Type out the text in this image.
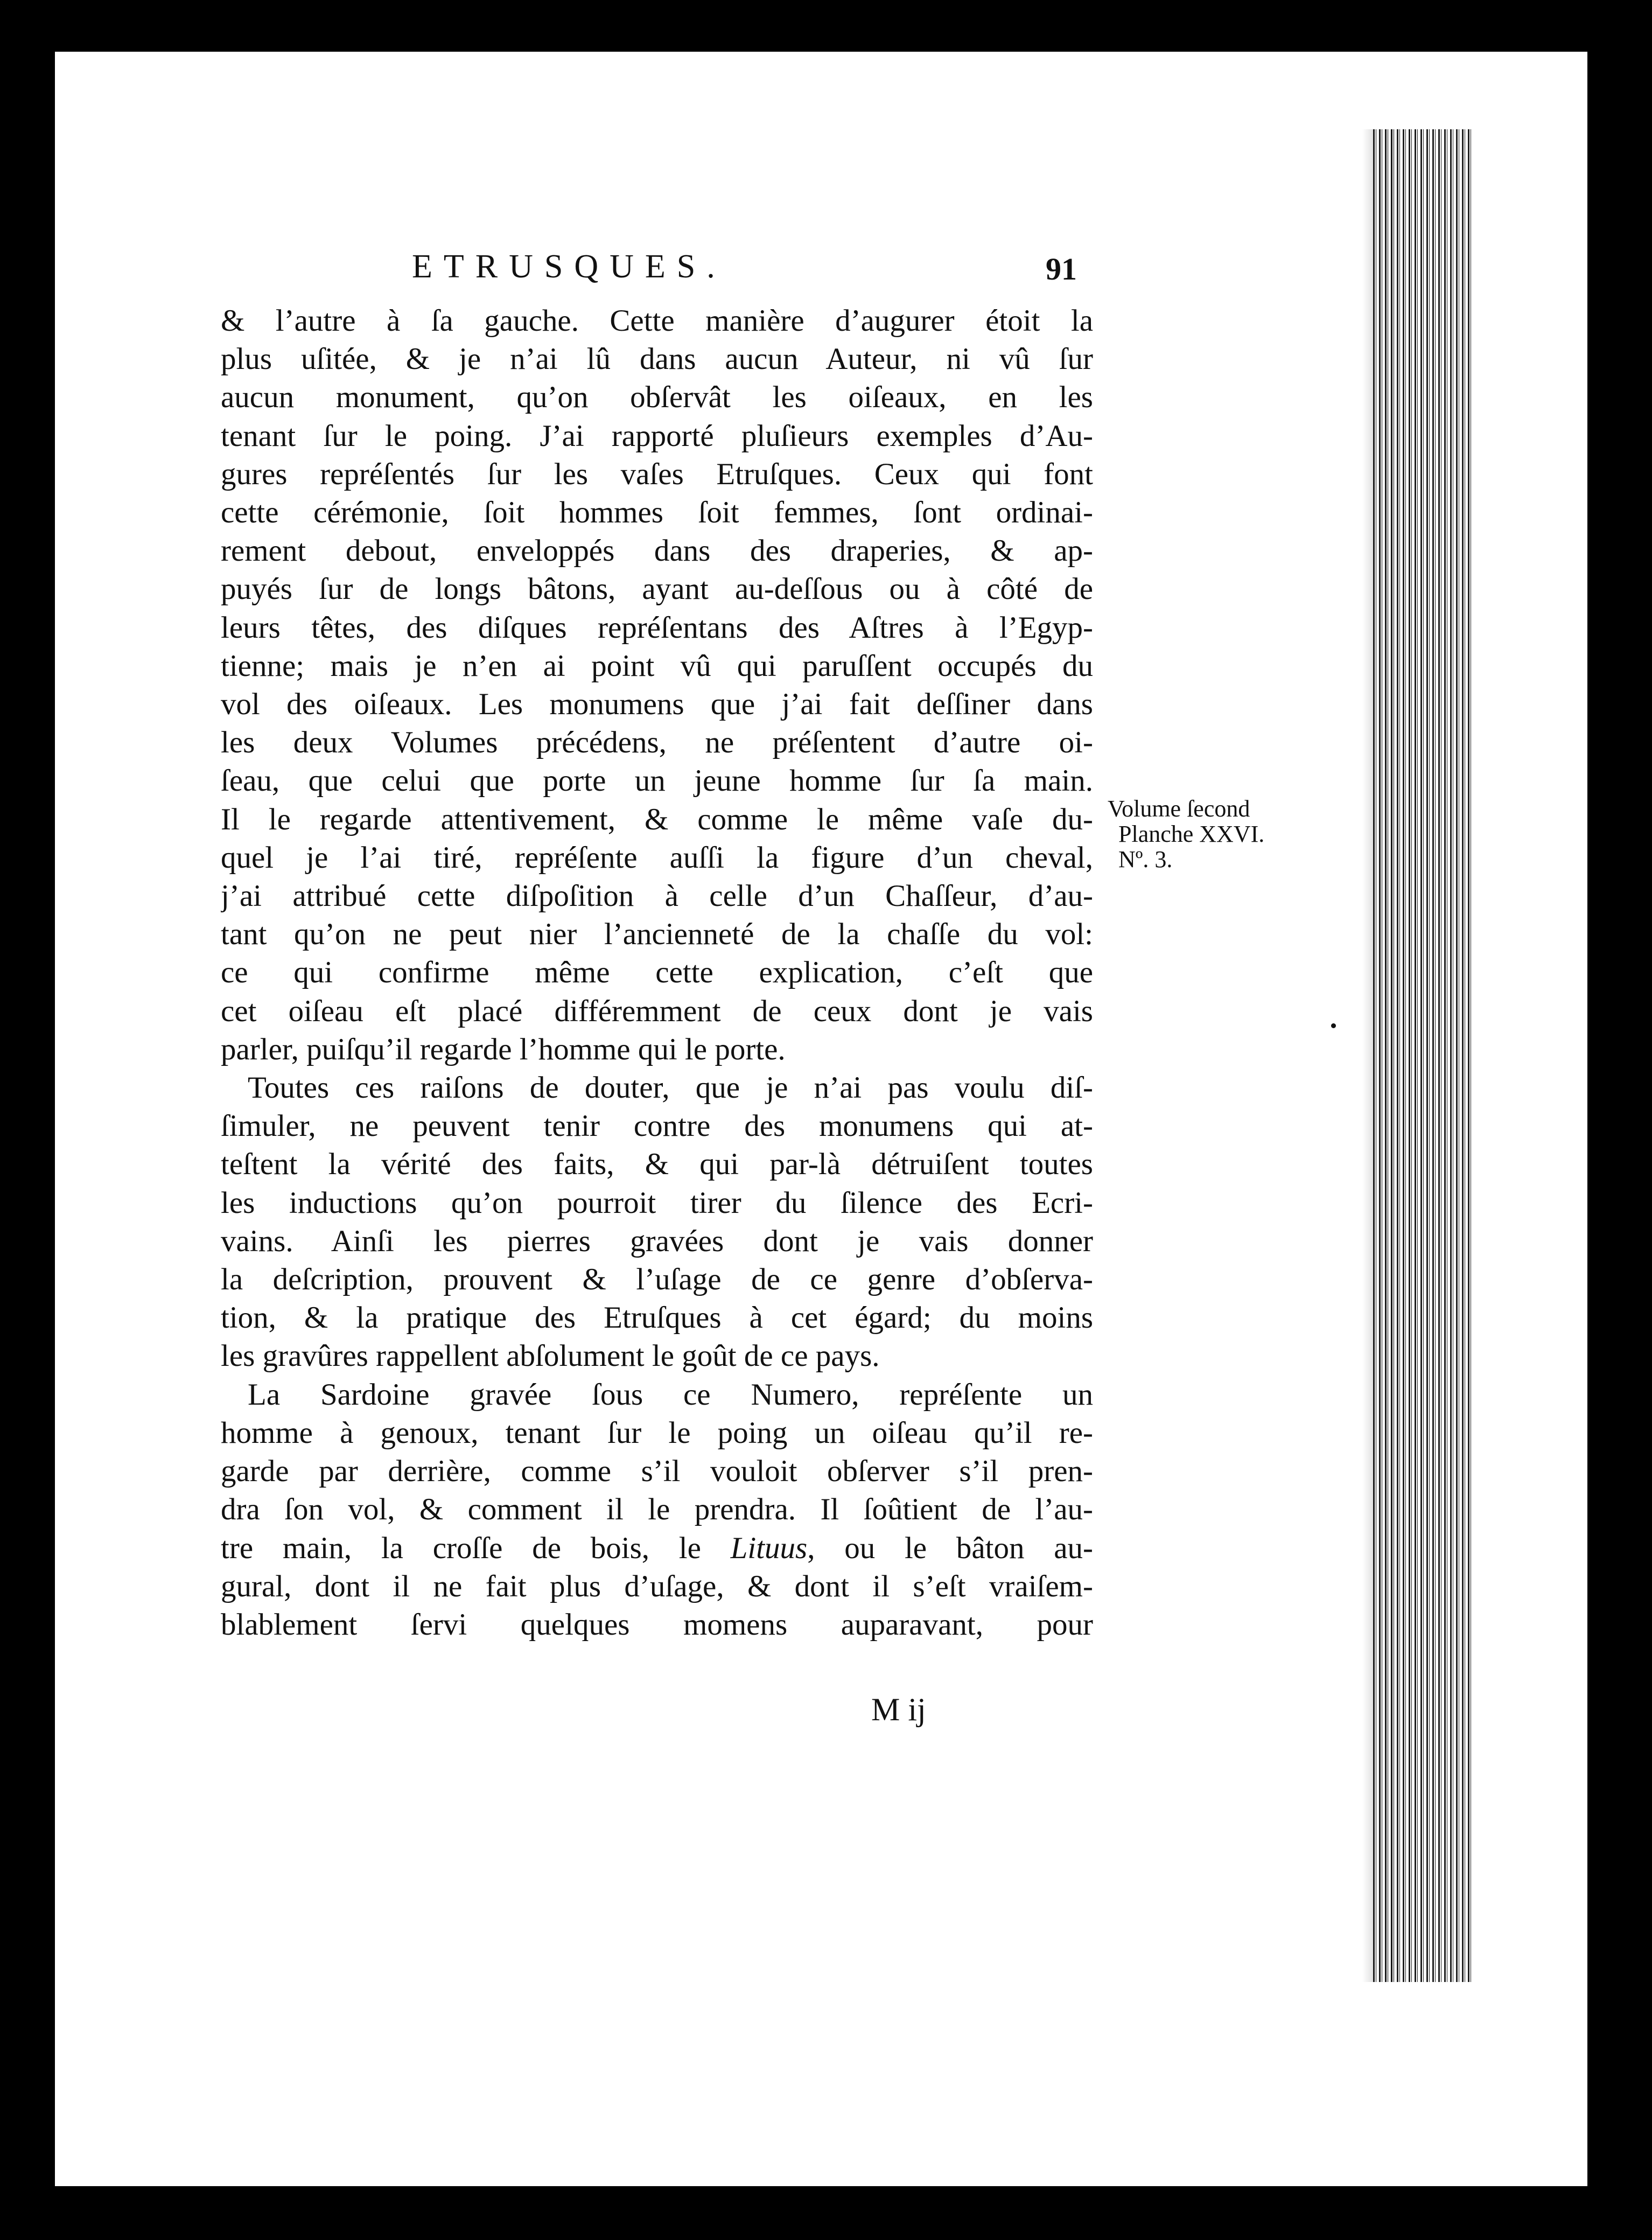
ETRUSQUES.	91

& l’autre à ſa gauche. Cette manière d’augurer étoit la

plus uſitée, & je n’ai lû dans aucun Auteur, ni vû ſur

aucun monument, qu’on obſervât les oiſeaux, en les

tenant ſur le poing. J’ai rapporté pluſieurs exemples d’Au-

gures repréſentés ſur les vaſes Etruſques. Ceux qui font

cette cérémonie, ſoit hommes ſoit femmes, ſont ordinai-

rement debout, enveloppés dans des draperies, & ap-

puyés ſur de longs bâtons, ayant au-deſſous ou à côté de

leurs têtes, des diſques repréſentans des Aſtres à l’Egyp-

tienne; mais je n’en ai point vû qui paruſſent occupés du

vol des oiſeaux. Les monumens que j’ai fait deſſiner dans

les deux Volumes précédens, ne préſentent d’autre oi-

ſeau, que celui que porte un jeune homme ſur ſa main.

Il le regarde attentivement, & comme le même vaſe du-

quel je l’ai tiré, repréſente auſſi la figure d’un cheval,

j’ai attribué cette diſpoſition à celle d’un Chaſſeur, d’au-

tant qu’on ne peut nier l’ancienneté de la chaſſe du vol:

ce qui confirme même cette explication, c’eſt que

cet oiſeau eſt placé différemment de ceux dont je vais

parler, puiſqu’il regarde l’homme qui le porte.

Toutes ces raiſons de douter, que je n’ai pas voulu diſ-

ſimuler, ne peuvent tenir contre des monumens qui at-

teſtent la vérité des faits, & qui par-là détruiſent toutes

les inductions qu’on pourroit tirer du ſilence des Ecri-

vains. Ainſi les pierres gravées dont je vais donner

la deſcription, prouvent & l’uſage de ce genre d’obſerva-

tion, & la pratique des Etruſques à cet égard; du moins

les gravûres rappellent abſolument le goût de ce pays.

La Sardoine gravée ſous ce Numero, repréſente un

homme à genoux, tenant ſur le poing un oiſeau qu’il re-

garde par derrière, comme s’il vouloit obſerver s’il pren-

dra ſon vol, & comment il le prendra. Il ſoûtient de l’au-

tre main, la croſſe de bois, le Lituus, ou le bâton au-

gural, dont il ne fait plus d’uſage, & dont il s’eſt vraiſem-

blablement ſervi quelques momens auparavant, pour

Volume ſecond
Planche XXVI.
Nº. 3.
M ij
